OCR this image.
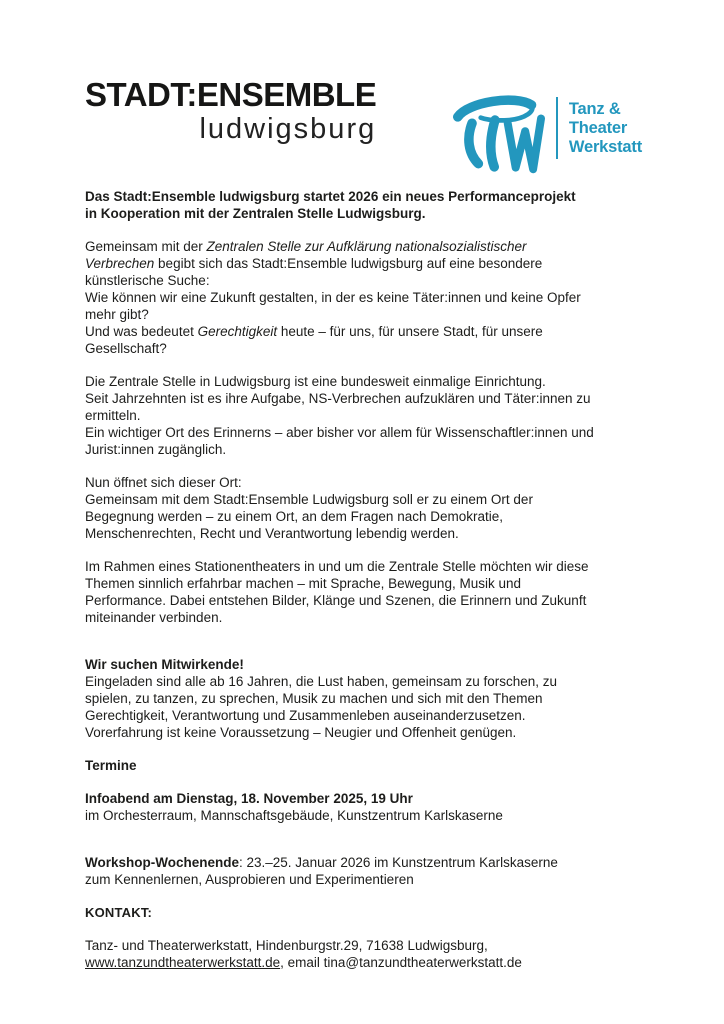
STADT:ENSEMBLE
ludwigsburg
Tanz &
Theater
Werkstatt

Das Stadt:Ensemble ludwigsburg startet 2026 ein neues Performanceprojekt
in Kooperation mit der Zentralen Stelle Ludwigsburg.

Gemeinsam mit der Zentralen Stelle zur Aufklärung nationalsozialistischer
Verbrechen begibt sich das Stadt:Ensemble ludwigsburg auf eine besondere
künstlerische Suche:
Wie können wir eine Zukunft gestalten, in der es keine Täter:innen und keine Opfer
mehr gibt?
Und was bedeutet Gerechtigkeit heute – für uns, für unsere Stadt, für unsere
Gesellschaft?

Die Zentrale Stelle in Ludwigsburg ist eine bundesweit einmalige Einrichtung.
Seit Jahrzehnten ist es ihre Aufgabe, NS-Verbrechen aufzuklären und Täter:innen zu
ermitteln.
Ein wichtiger Ort des Erinnerns – aber bisher vor allem für Wissenschaftler:innen und
Jurist:innen zugänglich.

Nun öffnet sich dieser Ort:
Gemeinsam mit dem Stadt:Ensemble Ludwigsburg soll er zu einem Ort der
Begegnung werden – zu einem Ort, an dem Fragen nach Demokratie,
Menschenrechten, Recht und Verantwortung lebendig werden.

Im Rahmen eines Stationentheaters in und um die Zentrale Stelle möchten wir diese
Themen sinnlich erfahrbar machen – mit Sprache, Bewegung, Musik und
Performance. Dabei entstehen Bilder, Klänge und Szenen, die Erinnern und Zukunft
miteinander verbinden.

Wir suchen Mitwirkende!
Eingeladen sind alle ab 16 Jahren, die Lust haben, gemeinsam zu forschen, zu
spielen, zu tanzen, zu sprechen, Musik zu machen und sich mit den Themen
Gerechtigkeit, Verantwortung und Zusammenleben auseinanderzusetzen.
Vorerfahrung ist keine Voraussetzung – Neugier und Offenheit genügen.

Termine

Infoabend am Dienstag, 18. November 2025, 19 Uhr
im Orchesterraum, Mannschaftsgebäude, Kunstzentrum Karlskaserne

Workshop-Wochenende: 23.–25. Januar 2026 im Kunstzentrum Karlskaserne
zum Kennenlernen, Ausprobieren und Experimentieren

KONTAKT:

Tanz- und Theaterwerkstatt, Hindenburgstr.29, 71638 Ludwigsburg,
www.tanzundtheaterwerkstatt.de, email tina@tanzundtheaterwerkstatt.de
